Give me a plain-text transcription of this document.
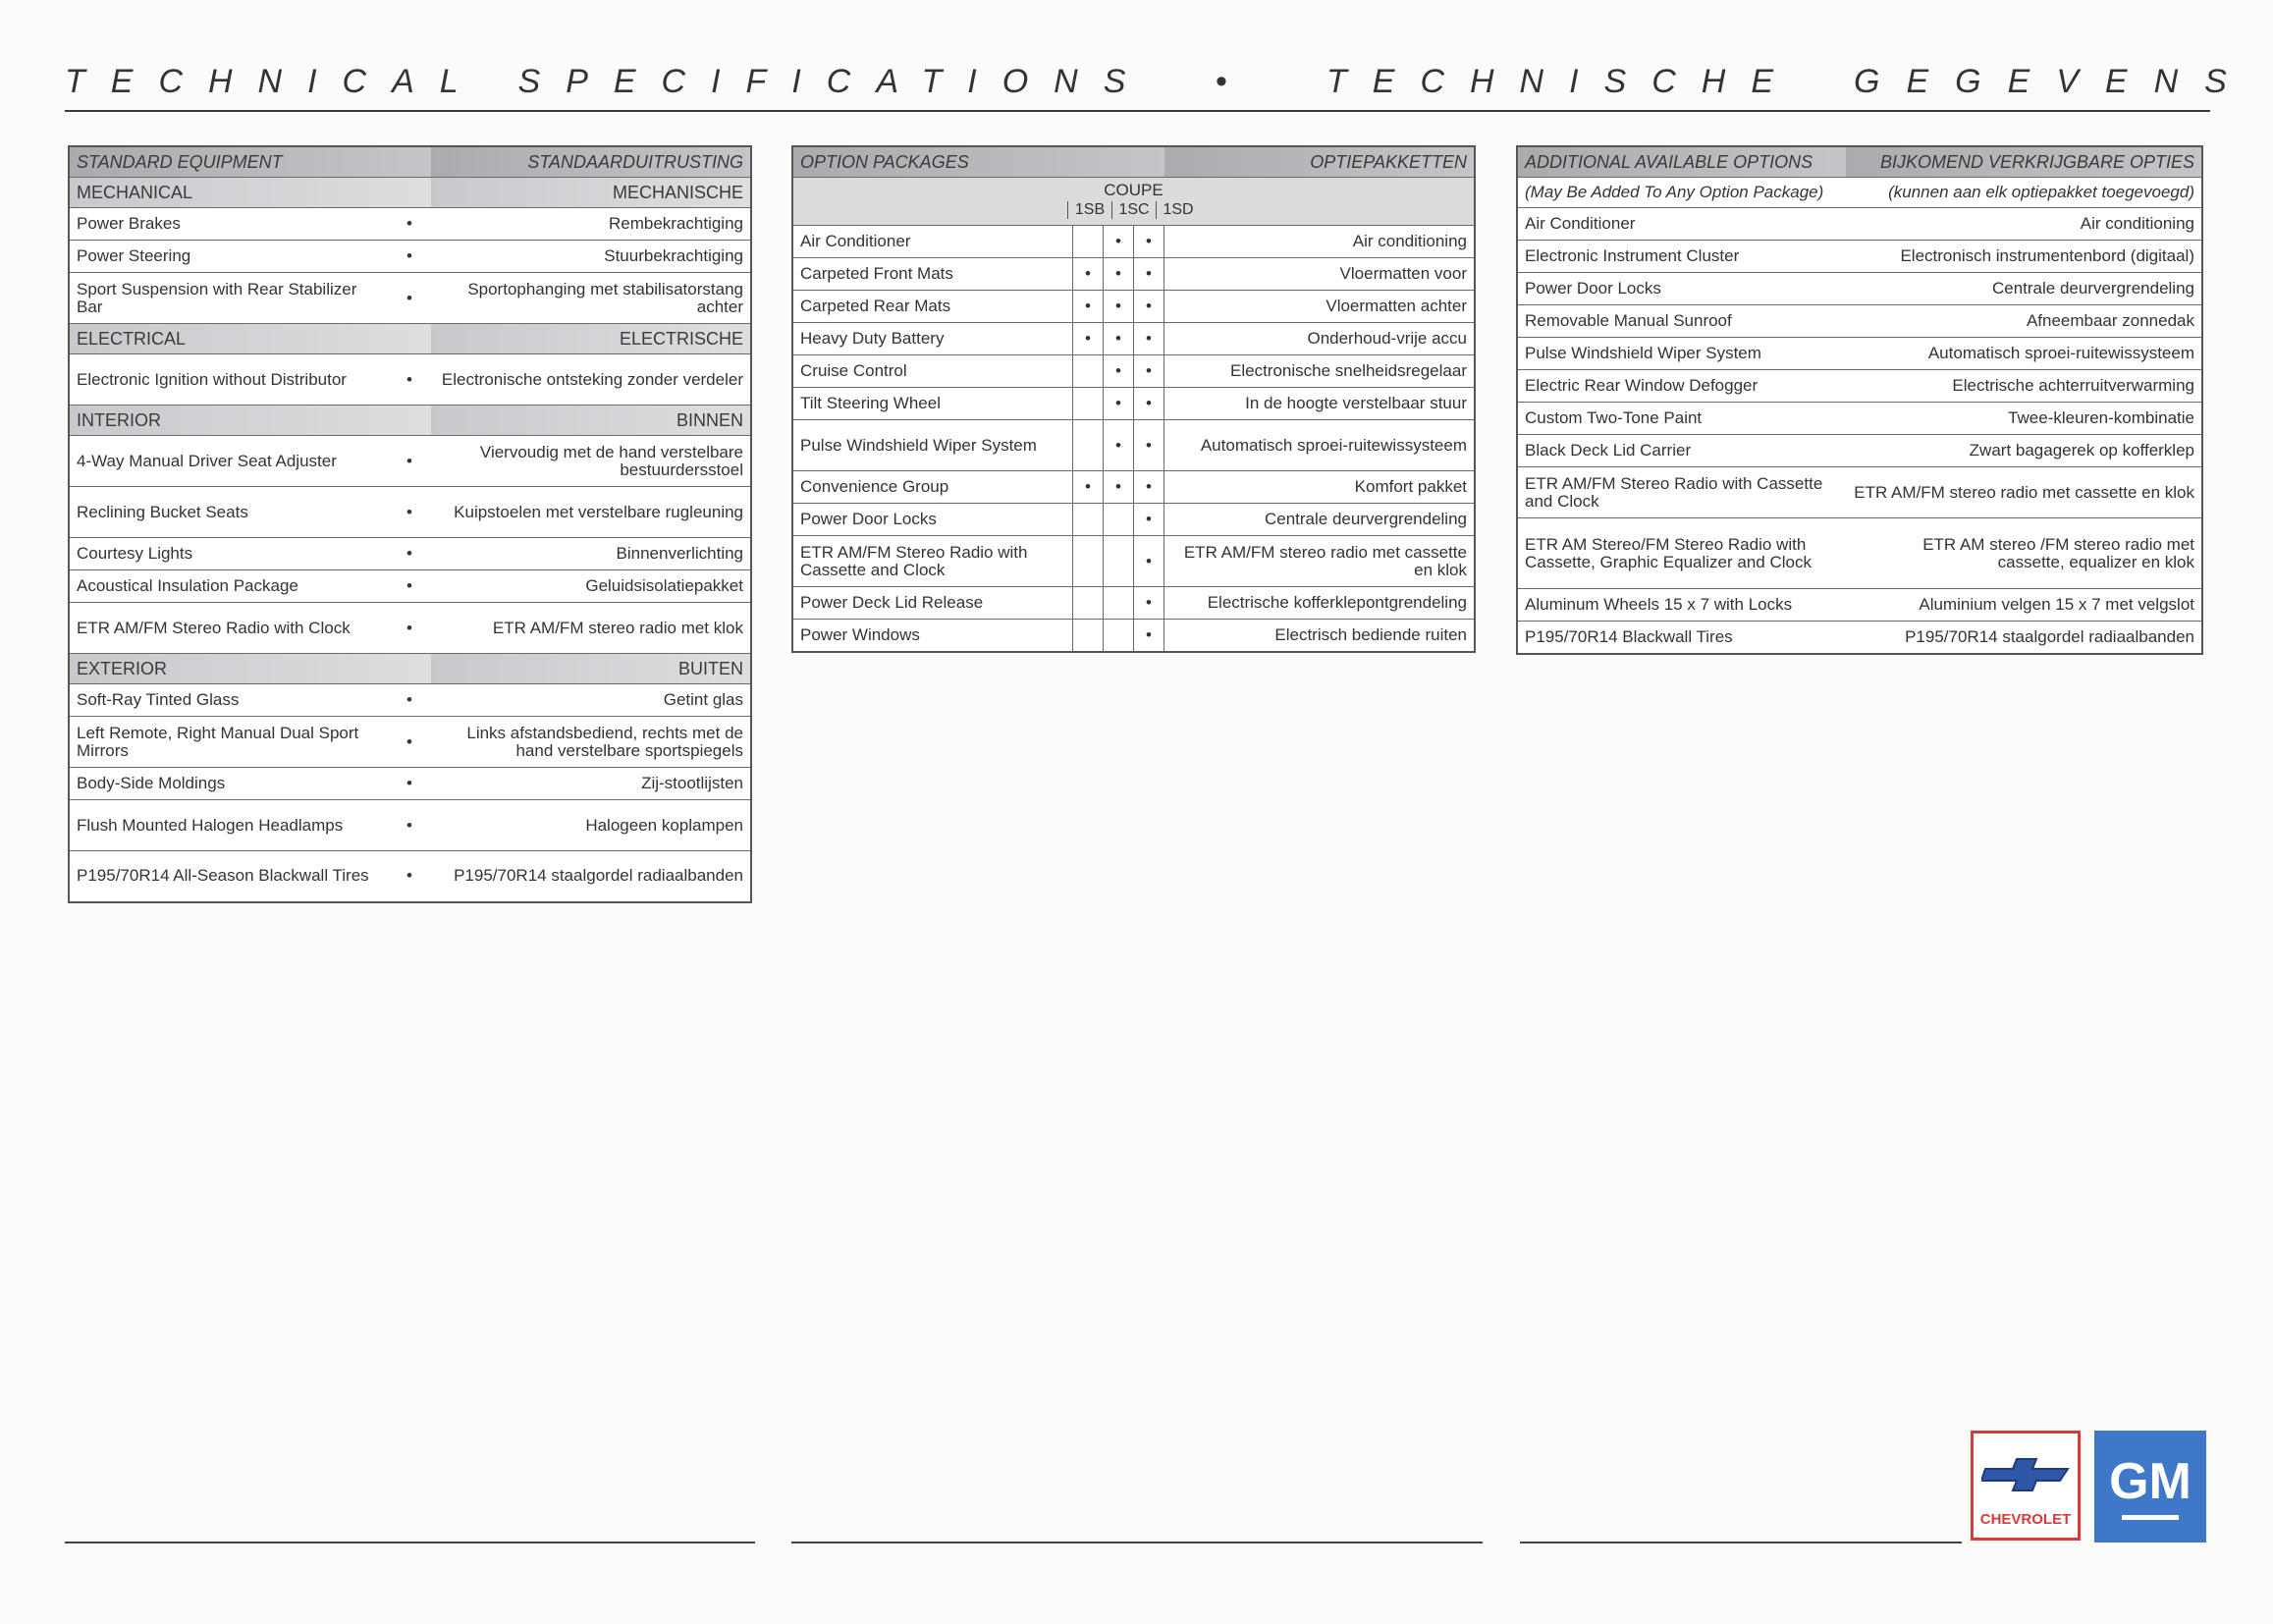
TECHNICAL SPECIFICATIONS •	TECHNISCHE GEGEVENS
STANDARD EQUIPMENT		STANDAARDUITRUSTING
MECHANICAL		MECHANISCHE
Power Brakes	•	Rembekrachtiging
Power Steering	•	Stuurbekrachtiging
Sport Suspension with Rear Stabilizer Bar	•	Sportophanging met stabilisatorstang achter
ELECTRICAL		ELECTRISCHE
Electronic Ignition without Distributor	•	Electronische ontsteking zonder verdeler
INTERIOR		BINNEN
4-Way Manual Driver Seat Adjuster	•	Viervoudig met de hand verstelbare bestuurdersstoel
Reclining Bucket Seats	•	Kuipstoelen met verstelbare rugleuning
Courtesy Lights	•	Binnenverlichting
Acoustical Insulation Package	•	Geluidsisolatiepakket
ETR AM/FM Stereo Radio with Clock	•	ETR AM/FM stereo radio met klok
EXTERIOR		BUITEN
Soft-Ray Tinted Glass	•	Getint glas
Left Remote, Right Manual Dual Sport Mirrors	•	Links afstandsbediend, rechts met de hand verstelbare sportspiegels
Body-Side Moldings	•	Zij-stootlijsten
Flush Mounted Halogen Headlamps	•	Halogeen koplampen
P195/70R14 All-Season Blackwall Tires	•	P195/70R14 staalgordel radiaalbanden
OPTION PACKAGES				OPTIEPAKKETTEN

COUPE
1SB 1SC 1SD				

Air Conditioner		•	•	Air conditioning
Carpeted Front Mats	•	•	•	Vloermatten voor
Carpeted Rear Mats	•	•	•	Vloermatten achter
Heavy Duty Battery	•	•	•	Onderhoud-vrije accu
Cruise Control		•	•	Electronische snelheidsregelaar
Tilt Steering Wheel		•	•	In de hoogte verstelbaar stuur
Pulse Windshield Wiper System		•	•	Automatisch sproei-ruitewissysteem
Convenience Group	•	•	•	Komfort pakket
Power Door Locks			•	Centrale deurvergrendeling
ETR AM/FM Stereo Radio with Cassette and Clock			•	ETR AM/FM stereo radio met cassette en klok
Power Deck Lid Release			•	Electrische kofferklepontgrendeling
Power Windows			•	Electrisch bediende ruiten
ADDITIONAL AVAILABLE OPTIONS	BIJKOMEND VERKRIJGBARE OPTIES
(May Be Added To Any Option Package)	(kunnen aan elk optiepakket toegevoegd)
Air Conditioner	Air conditioning
Electronic Instrument Cluster	Electronisch instrumentenbord (digitaal)
Power Door Locks	Centrale deurvergrendeling
Removable Manual Sunroof	Afneembaar zonnedak
Pulse Windshield Wiper System	Automatisch sproei-ruitewissysteem
Electric Rear Window Defogger	Electrische achterruitverwarming
Custom Two-Tone Paint	Twee-kleuren-kombinatie
Black Deck Lid Carrier	Zwart bagagerek op kofferklep
ETR AM/FM Stereo Radio with Cassette and Clock	ETR AM/FM stereo radio met cassette en klok
ETR AM Stereo/FM Stereo Radio with Cassette, Graphic Equalizer and Clock	ETR AM stereo /FM stereo radio met cassette, equalizer en klok
Aluminum Wheels 15 x 7 with Locks	Aluminium velgen 15 x 7 met velgslot
P195/70R14 Blackwall Tires	P195/70R14 staalgordel radiaalbanden
CHEVROLET
GM
